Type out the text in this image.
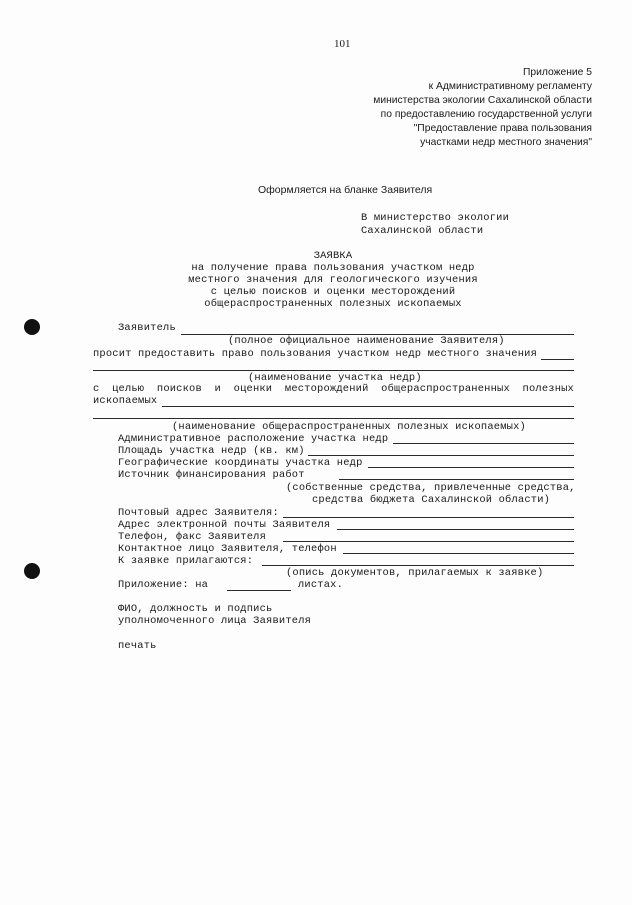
101
Приложение 5
к Административному регламенту
министерства экологии Сахалинской области
по предоставлению государственной услуги
"Предоставление права пользования
участками недр местного значения"
Оформляется на бланке Заявителя
В министерство экологии
Сахалинской области
ЗАЯВКА
на получение права пользования участком недр
местного значения для геологического изучения
с целью поисков и оценки месторождений
общераспространенных полезных ископаемых
Заявитель
(полное официальное наименование Заявителя)
просит предоставить право пользования участком недр местного значения
(наименование участка недр)
с целью поисков и оценки месторождений общераспространенных полезных
ископаемых
(наименование общераспространенных полезных ископаемых)
Административное расположение участка недр
Площадь участка недр (кв. км)
Географические координаты участка недр
Источник финансирования работ
(собственные средства, привлеченные средства,
средства бюджета Сахалинской области)
Почтовый адрес Заявителя:
Адрес электронной почты Заявителя
Телефон, факс Заявителя
Контактное лицо Заявителя, телефон
К заявке прилагаются:
(опись документов, прилагаемых к заявке)
Приложение: на	листах.
ФИО, должность и подпись
уполномоченного лица Заявителя
печать
